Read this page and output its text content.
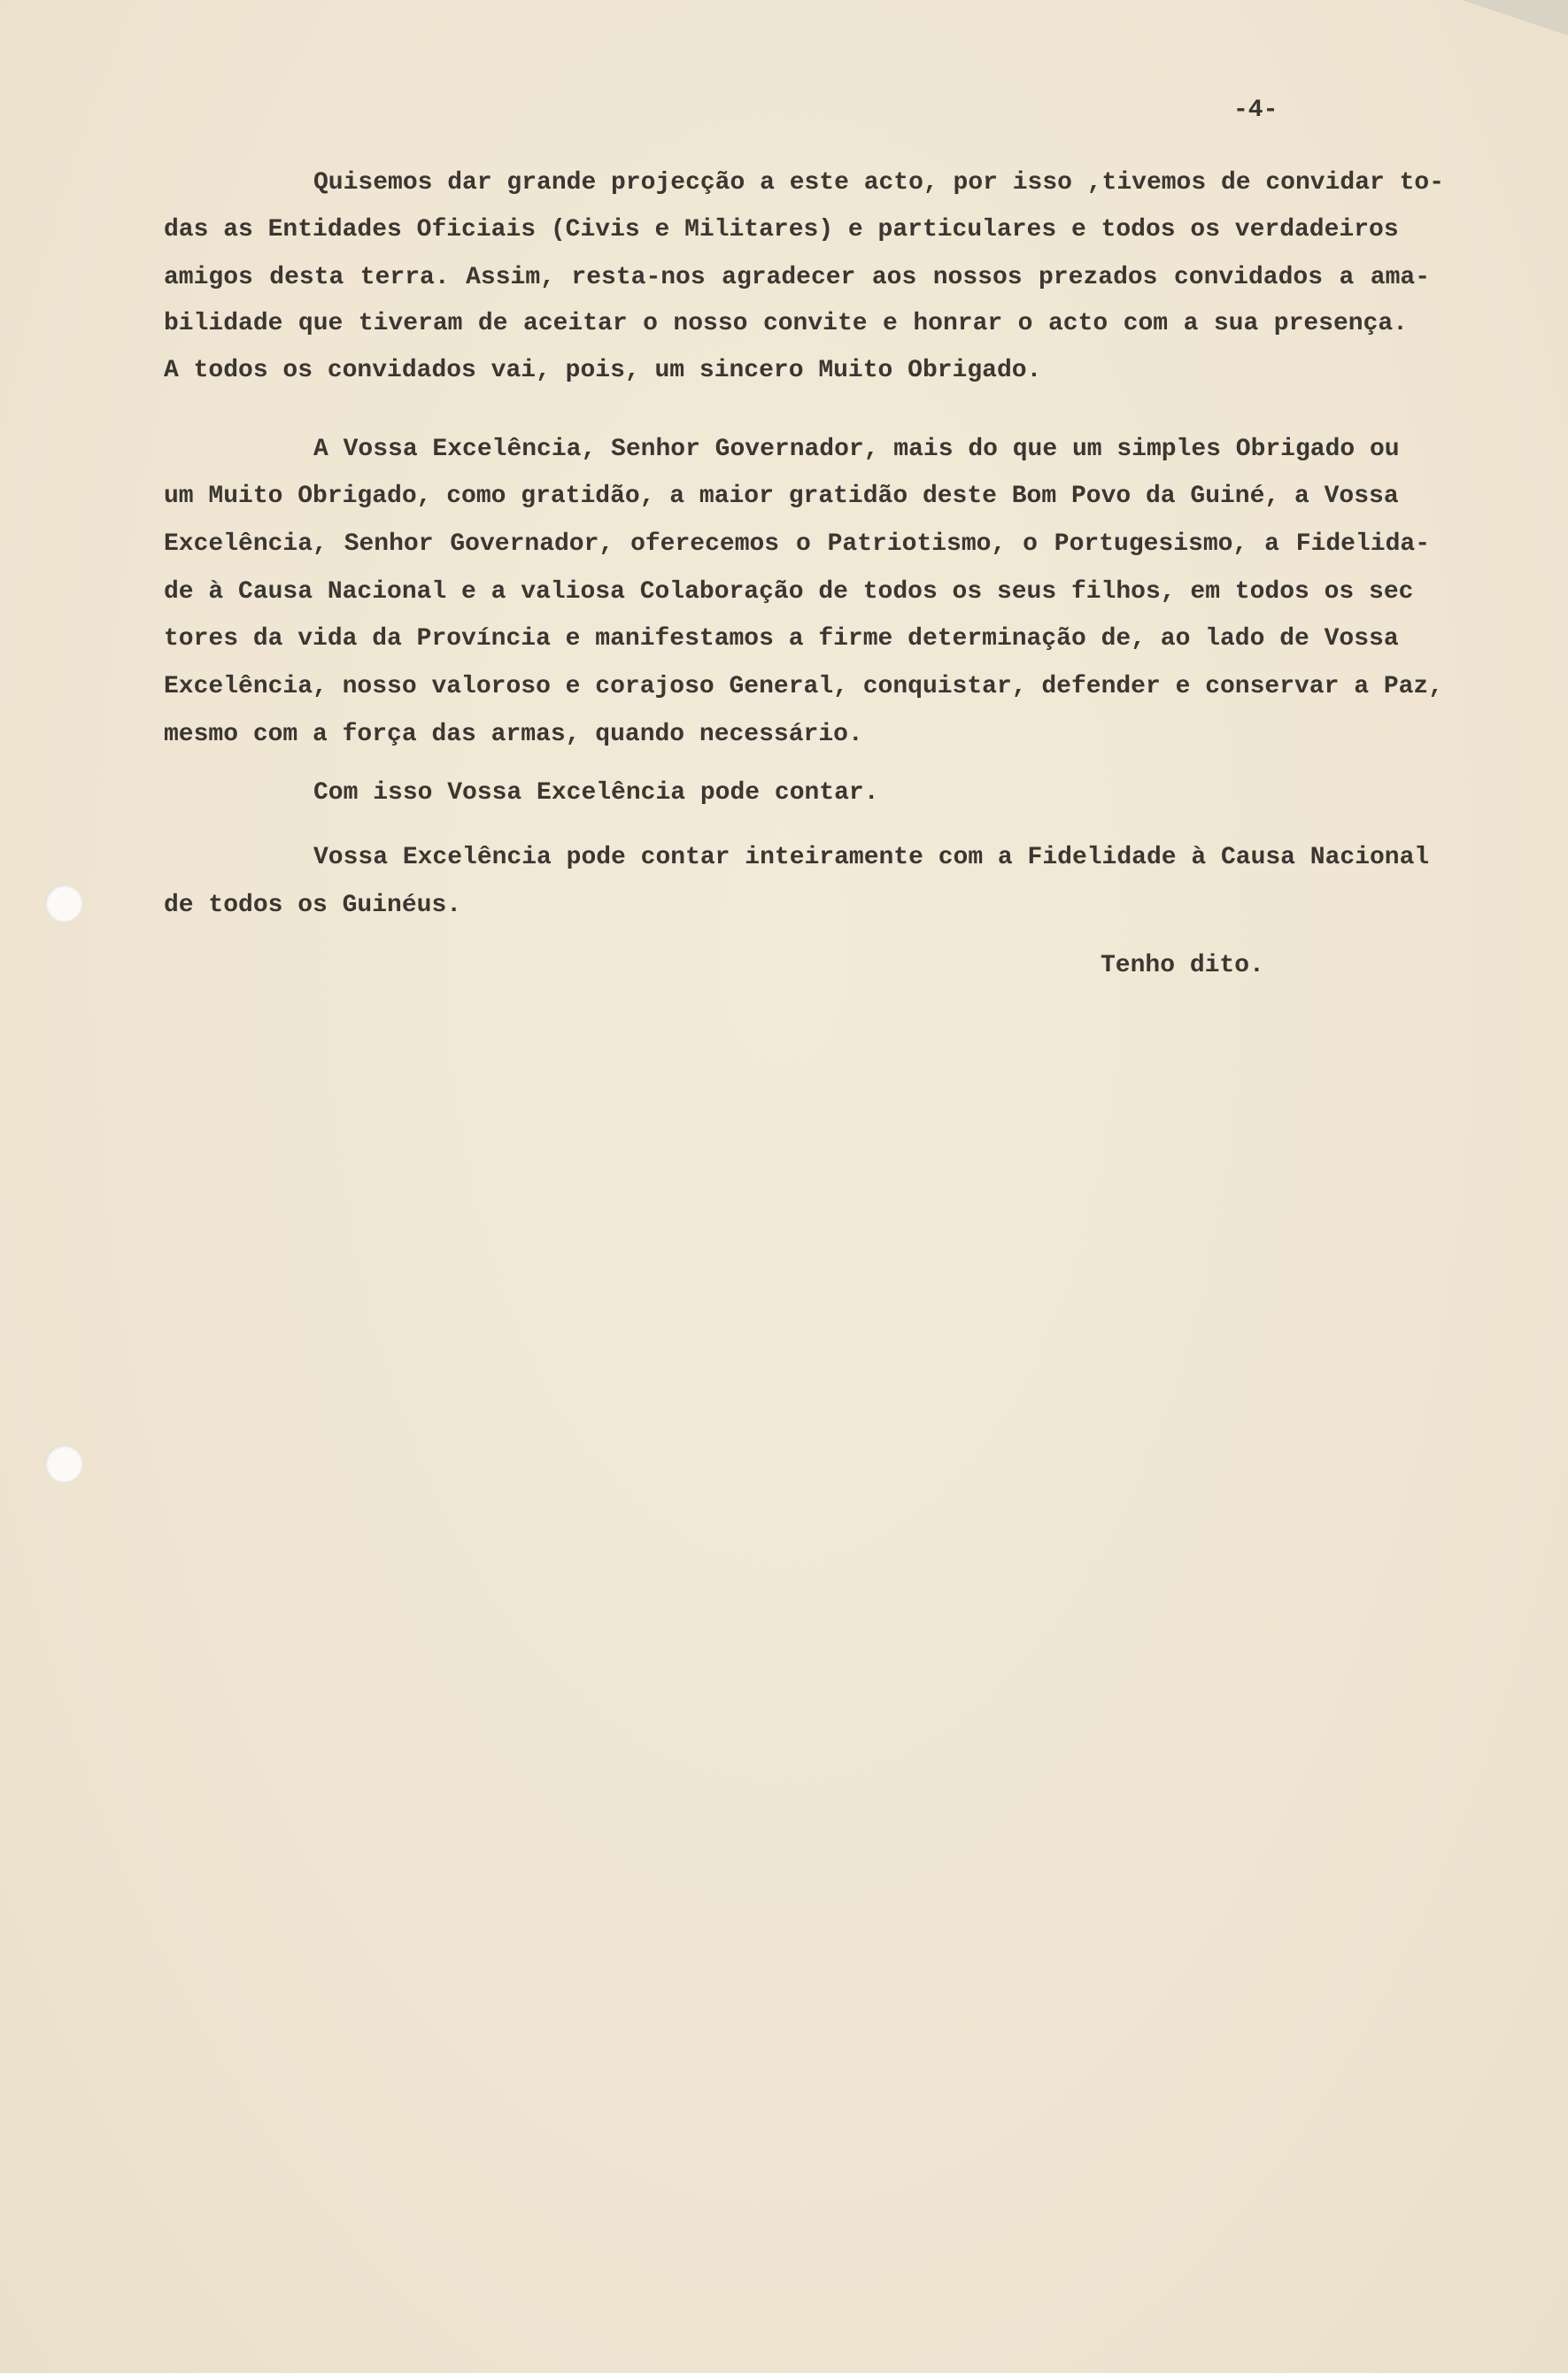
-4-
Quisemos dar grande projecção a este acto, por isso ,tivemos de convidar to-
das as Entidades Oficiais (Civis e Militares) e particulares e todos os verdadeiros
amigos desta terra. Assim, resta-nos agradecer aos nossos prezados convidados a ama-
bilidade que tiveram de aceitar o nosso convite e honrar o acto com a sua presença.
A todos os convidados vai, pois, um sincero Muito Obrigado.
A Vossa Excelência, Senhor Governador, mais do que um simples Obrigado ou
um Muito Obrigado, como gratidão, a maior gratidão deste Bom Povo da Guiné, a Vossa
Excelência, Senhor Governador, oferecemos o Patriotismo, o Portugesismo, a Fidelida-
de à Causa Nacional e a valiosa Colaboração de todos os seus filhos, em todos os sec
tores da vida da Província e manifestamos a firme determinação de, ao lado de Vossa
Excelência, nosso valoroso e corajoso General, conquistar, defender e conservar a Paz,
mesmo com a força das armas, quando necessário.
Com isso Vossa Excelência pode contar.
Vossa Excelência pode contar inteiramente com a Fidelidade à Causa Nacional
de todos os Guinéus.
Tenho dito.
